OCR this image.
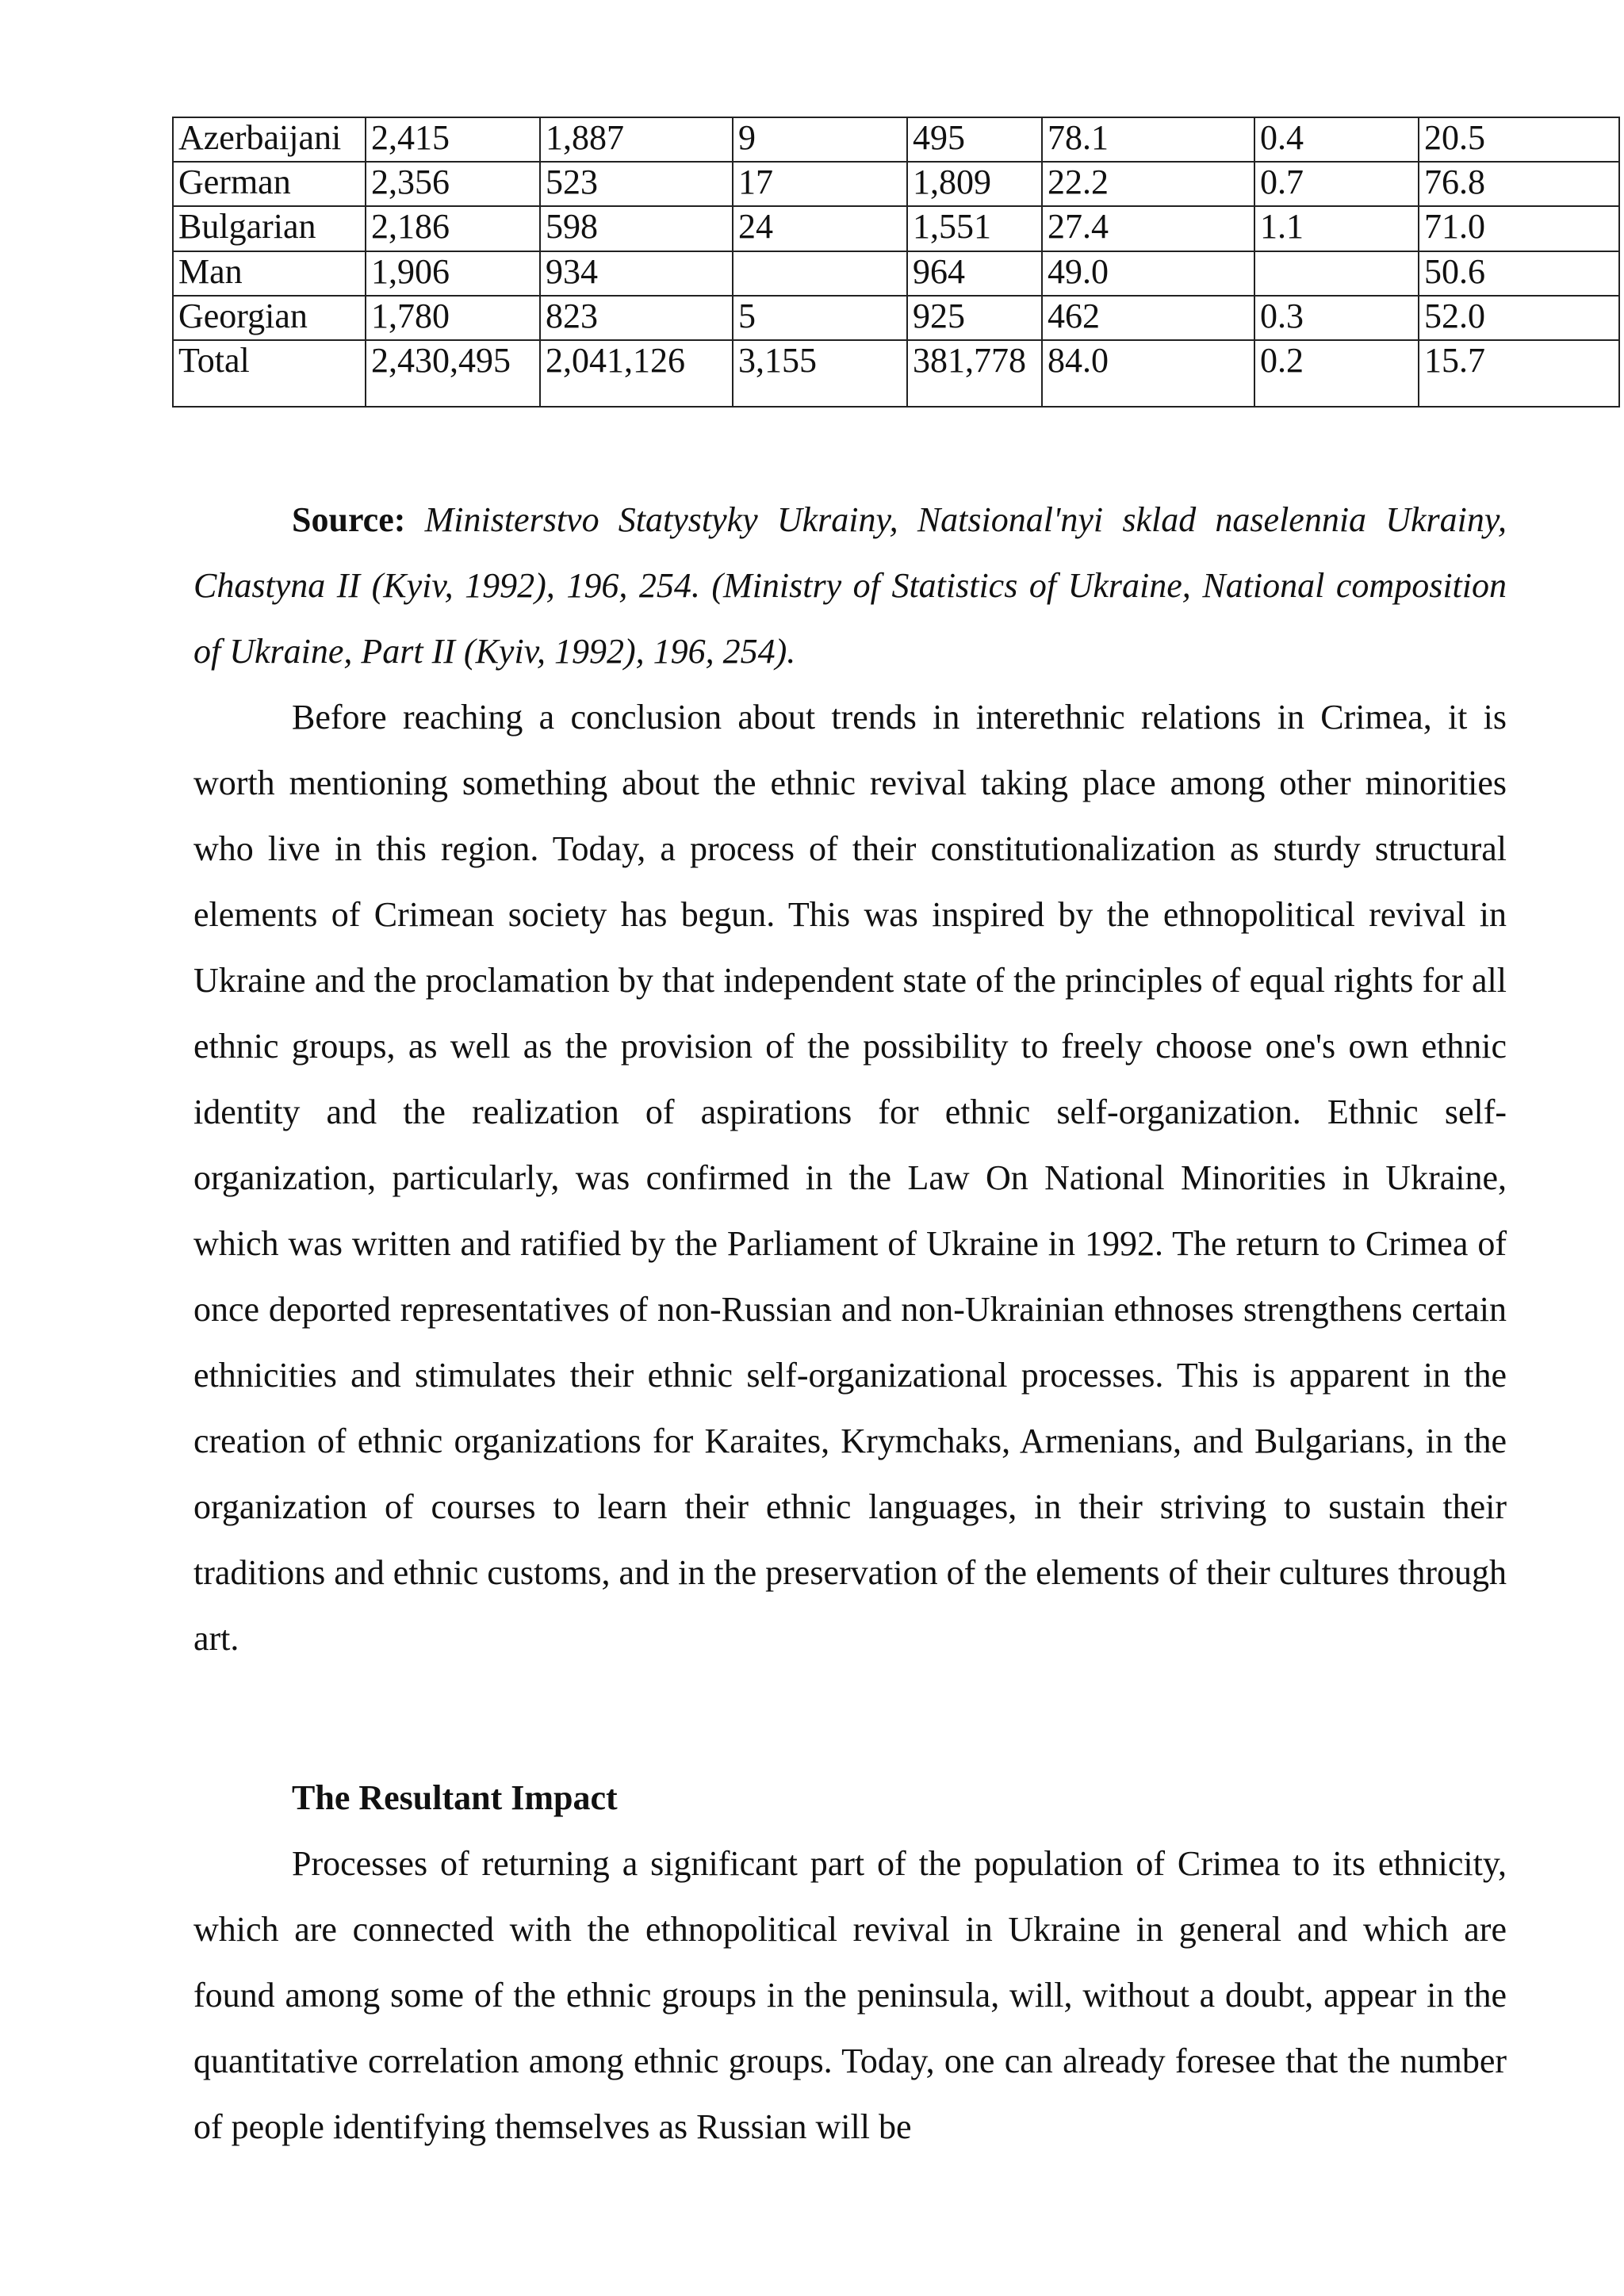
Azerbaijani	2,415	1,887	9	495	78.1	0.4	20.5
German	2,356	523	17	1,809	22.2	0.7	76.8
Bulgarian	2,186	598	24	1,551	27.4	1.1	71.0
Man	1,906	934		964	49.0		50.6
Georgian	1,780	823	5	925	462	0.3	52.0
Total	2,430,495	2,041,126	3,155	381,778	84.0	0.2	15.7

Source: Ministerstvo Statystyky Ukrainy, Natsional'nyi sklad naselennia Ukrainy, Chastyna II (Kyiv, 1992), 196, 254. (Ministry of Statistics of Ukraine, National composition of Ukraine, Part II (Kyiv, 1992), 196, 254).

Before reaching a conclusion about trends in interethnic relations in Crimea, it is worth mentioning something about the ethnic revival taking place among other minorities who live in this region. Today, a process of their constitutionalization as sturdy structural elements of Crimean society has begun. This was inspired by the ethnopolitical revival in Ukraine and the proclamation by that independent state of the principles of equal rights for all ethnic groups, as well as the provision of the possibility to freely choose one's own ethnic identity and the realization of aspirations for ethnic self-organization. Ethnic self-organization, particularly, was confirmed in the Law On National Minorities in Ukraine, which was written and ratified by the Parliament of Ukraine in 1992. The return to Crimea of once deported representatives of non-Russian and non-Ukrainian ethnoses strengthens certain ethnicities and stimulates their ethnic self-organizational processes. This is apparent in the creation of ethnic organizations for Karaites, Krymchaks, Armenians, and Bulgarians, in the organization of courses to learn their ethnic languages, in their striving to sustain their traditions and ethnic customs, and in the preservation of the elements of their cultures through art.

The Resultant Impact

Processes of returning a significant part of the population of Crimea to its ethnicity, which are connected with the ethnopolitical revival in Ukraine in general and which are found among some of the ethnic groups in the peninsula, will, without a doubt, appear in the quantitative correlation among ethnic groups. Today, one can already foresee that the number of people identifying themselves as Russian will be
